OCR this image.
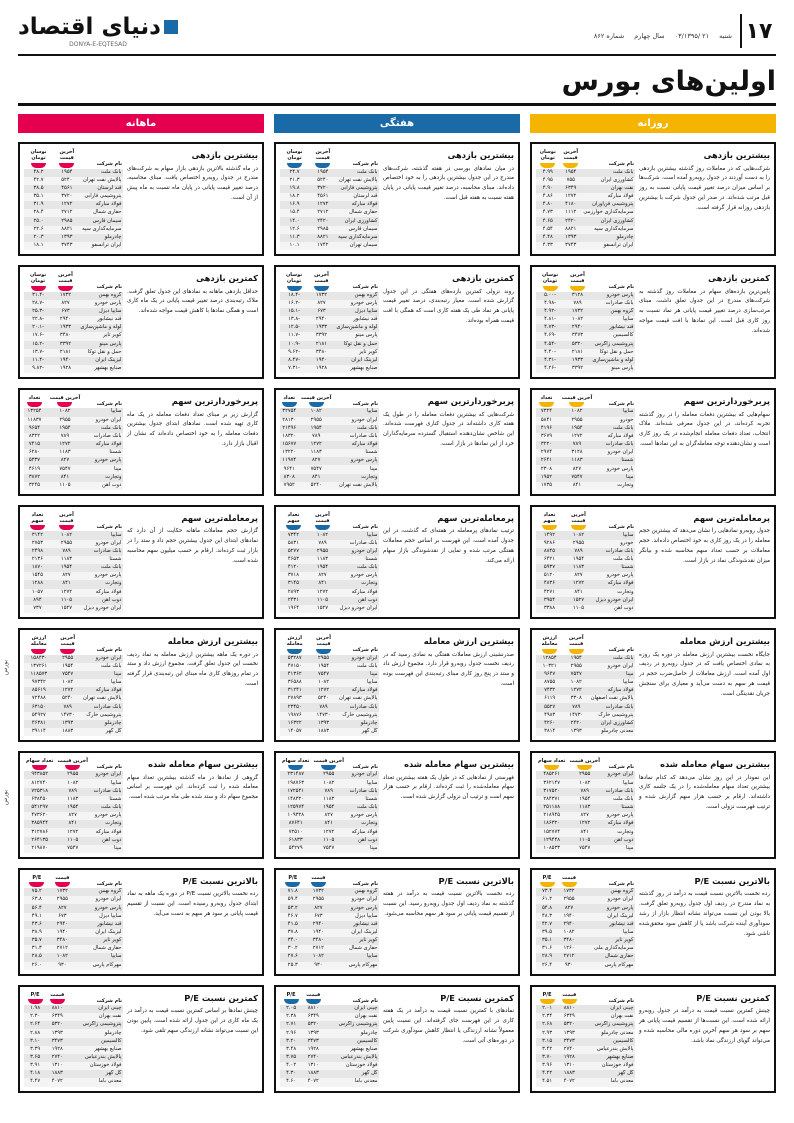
۱۷
شنبه ۲۱ /۰۳/۱۳۹۵ سال چهارم شماره ۸۶۲
دنیای اقتصاد
DONYA-E-EQTESAD
اولین‌های بورس
روزانه
بیشترین بازدهی
شرکت‌هایی که در معاملات روز گذشته بیشترین بازدهی را به دست آوردند در جدول روبه‌رو آمده است. شرکت‌ها بر اساس میزان درصد تغییر قیمت پایانی نسبت به روز قبل مرتب شده‌اند. در صدر این جدول شرکت با بیشترین بازدهی روزانه قرار گرفته است.
نام شرکت	آخرین قیمت	نوسان تومان

بانک ملت	۱۹۵۴	۴.۹۹
کشاورزی ایران	۷۵۵	۴.۹۵
نفت بهران	۶۳۴۹	۴.۹۰
فولاد مبارکه	۱۲۷۲	۴.۸۶
پتروشیمی فن‌آوران	۴۱۸۰	۴.۸۰
سرمایه‌گذاری خوارزمی	۱۱۱۲	۴.۷۳
کشاورزی ایران	۲۴۲۰	۴.۶۵
سرمایه‌گذاری سپه	۸۸۲۱	۴.۵۴
چادرملو	۱۳۹۳	۴.۴۸
ایران ترانسفو	۳۷۴۳	۴.۳۳
کمترین بازدهی
پایین‌ترین بازده‌های سهام در معاملات روز گذشته به شرکت‌های مندرج در این جدول تعلق داشت. مبنای مرتب‌سازی درصد تغییر قیمت پایانی هر نماد نسبت به روز کاری قبل است. این نمادها با افت قیمت مواجه شده‌اند.
نام شرکت	آخرین قیمت	نوسان تومان

پارس خودرو	۳۱۲۸	۵.۰۰-
بانک صادرات	۷۸۹	۴.۹۸-
گروه بهمن	۱۷۳۲	۴.۹۲-
سایپا	۱۰۸۲	۴.۸۱-
قند نیشابور	۲۹۴۰	۴.۷۳-
کالسیمین	۳۴۷۳	۴.۶۹-
پتروشیمی زاگرس	۵۳۲۰	۴.۵۴-
حمل و نقل توکا	۲۱۸۱	۴.۴۰-
لوله و ماشین‌سازی	۱۹۳۳	۴.۳۱-
پارس مینو	۳۳۹۲	۴.۲۶-
پربرخوردارترین سهم
سهام‌هایی که بیشترین دفعات معامله را در روز گذشته تجربه کرده‌اند، در این جدول معرفی شده‌اند. ملاک انتخاب، تعداد دفعات معامله انجام‌شده در یک روز کاری است و نشان‌دهنده توجه معامله‌گران به این نمادها است.
نام شرکت	آخرین قیمت	تعداد

سایپا	۱۰۸۲	۷۳۲۴
خودرو	۲۹۵۵	۵۸۴۱
بانک ملت	۱۹۵۴	۴۱۹۶
فولاد مبارکه	۱۲۷۲	۳۶۷۹
بانک صادرات	۷۸۹	۳۲۲۰
ایران خودرو	۳۱۲۸	۲۹۷۴
شستا	۱۱۸۳	۲۶۴۱
پارس خودرو	۸۲۷	۲۳۰۸
مپنا	۷۵۴۷	۱۹۵۲
وتجارت	۸۴۱	۱۷۳۵
پرمعامله‌ترین سهم
جدول روبه‌رو نمادهایی را نشان می‌دهد که بیشترین حجم معامله را در یک روز کاری به خود اختصاص داده‌اند. حجم معاملات بر حسب تعداد سهم محاسبه شده و بیانگر میزان نقدشوندگی نماد در بازار است.
نام شرکت	آخرین قیمت	تعداد سهم

سایپا	۱۰۸۲	۱۴۹۲
خودرو	۲۹۵۵	۹۲۸۶
بانک صادرات	۷۸۹	۸۸۴۵
بانک ملت	۱۹۵۴	۶۴۲۱
شستا	۱۱۸۳	۵۹۳۷
پارس خودرو	۸۲۷	۵۱۲۰
فولاد مبارکه	۱۲۷۲	۴۸۳۶
وتجارت	۸۴۱	۴۲۷۱
ایران خودرو دیزل	۱۵۲۷	۳۹۵۴
ذوب آهن	۱۱۰۵	۳۳۸۸
بیشترین ارزش معامله
جایگاه نخست بیشترین ارزش معامله در دوره یک روزه به نمادی اختصاص یافت که در جدول روبه‌رو در ردیف اول آمده است. ارزش معاملات از حاصل‌ضرب حجم در قیمت هر سهم به دست می‌آید و معیاری برای سنجش جریان نقدینگی است.
نام شرکت	آخرین قیمت	ارزش معامله

بانک ملت	۱۹۵۴	۱۲۸۵۴
ایران خودرو	۲۹۵۵	۱۰۳۲۱
مپنا	۷۵۴۷	۹۶۴۷
سایپا	۱۰۸۲	۸۷۵۵
فولاد مبارکه	۱۲۷۲	۷۴۳۲
پالایش نفت اصفهان	۳۳۰۸	۶۱۱۹
بانک صادرات	۷۸۹	۵۵۲۷
پتروشیمی خارک	۱۴۷۳۰	۴۹۸۳
کشاورزی ایران	۲۴۲۰	۴۲۶۰
معدنی چادرملو	۱۳۹۳	۳۸۱۴
بیشترین سهام معامله شده
این نمودار در این روز نشان می‌دهد که کدام نمادها بیشترین تعداد سهام معامله‌شده را در یک جلسه کاری داشته‌اند. ارقام بر حسب هزار سهم گزارش شده و ترتیب فهرست نزولی است.
نام شرکت	آخرین قیمت	تعداد سهام

ایران خودرو	۲۹۵۵	۴۸۵۲۶۱
سایپا	۱۰۸۲	۳۶۲۱۴۷
بانک صادرات	۷۸۹	۳۱۷۵۲۰
بانک ملت	۱۹۵۴	۲۸۴۳۷۱
شستا	۱۱۸۳	۲۵۱۱۸۸
پارس خودرو	۸۲۷	۲۱۸۹۴۵
فولاد مبارکه	۱۲۷۲	۱۸۶۳۲۰
وتجارت	۸۴۱	۱۵۲۷۷۴
ذوب آهن	۱۱۰۵	۱۲۹۴۴۸
مپنا	۷۵۴۷	۱۰۸۵۳۳
بالاترین نسبت P/E
رده نخست بالاترین نسبت قیمت به درآمد در روز گذشته به نماد مندرج در ردیف اول جدول روبه‌رو تعلق گرفت. بالا بودن این نسبت می‌تواند نشانه انتظار بازار از رشد سودآوری آینده شرکت باشد یا از کاهش سود محقق‌شده ناشی شود.
نام شرکت	قیمت	P/E

گروه بهمن	۱۷۳۲	۷۳.۴
ایران خودرو	۲۹۵۵	۶۱.۲
پارس خودرو	۸۲۷	۵۴.۸
لیزینگ ایران	۱۹۴۰	۴۸.۳
قند نیشابور	۲۹۴۰	۴۲.۷
سایپا	۱۰۸۲	۳۹.۵
کویر تایر	۳۴۸۰	۳۵.۱
سرمایه‌گذاری ملی	۱۲۶۰	۳۱.۶
حفاری شمال	۲۷۱۲	۲۸.۹
مهرکام پارس	۹۳۰	۲۶.۴
کمترین نسبت P/E
چینش کمترین نسبت قیمت به درآمد در جدول روبه‌رو ارائه شده است. این نسبت‌ها از تقسیم قیمت پایانی هر سهم بر سود هر سهم آخرین دوره مالی محاسبه شده و می‌تواند گویای ارزندگی نماد باشد.
نام شرکت	قیمت	P/E

چینی ایران	۸۸۱۰	۲.۰۱
نفت بهران	۶۳۴۹	۲.۳۴
پتروشیمی زاگرس	۵۳۲۰	۲.۶۸
معدنی چادرملو	۱۳۹۳	۲.۹۳
کالسیمین	۳۴۷۳	۳.۱۵
پالایش بندرعباس	۲۷۴۰	۳.۴۲
صنایع بهشهر	۱۹۲۸	۳.۷۰
فولاد خوزستان	۱۳۱۰	۳.۹۶
گل گهر	۱۸۸۳	۴.۲۲
معدنی باما	۴۰۷۲	۴.۵۱
هفتگی
بیشترین بازدهی
در میان نمادهای بورسی در هفته گذشته، شرکت‌های مندرج در این جدول بیشترین بازدهی را به خود اختصاص داده‌اند. مبنای محاسبه، درصد تغییر قیمت پایانی در پایان هفته نسبت به هفته قبل است.
نام شرکت	آخرین قیمت	نوسان تومان

بانک ملت	۱۹۵۴	۲۴.۷
پالایش نفت تهران	۵۲۴۰	۲۱.۳
پتروشیمی فارابی	۳۷۲۰	۱۹.۸
قند لرستان	۴۵۶۱	۱۸.۲
فولاد مبارکه	۱۲۷۲	۱۶.۹
حفاری شمال	۲۷۱۲	۱۵.۴
کشاورزی ایران	۲۴۲۰	۱۴.۰
سیمان فارس	۲۹۸۵	۱۲.۶
سرمایه‌گذاری سپه	۸۸۲۱	۱۱.۳
سیمان تهران	۱۷۴۲	۱۰.۱
کمترین بازدهی
روند نزولی کمترین بازده‌های هفتگی در این جدول گزارش شده است. معیار رتبه‌بندی، درصد تغییر قیمت پایانی هر نماد طی یک هفته کاری است که همگی با افت قیمت همراه بوده‌اند.
نام شرکت	آخرین قیمت	نوسان تومان

گروه بهمن	۱۷۳۲	۱۸.۴-
پارس خودرو	۸۲۷	۱۶.۲-
سایپا دیزل	۶۷۳	۱۵.۱-
قند نیشابور	۲۹۴۰	۱۳.۸-
لوله و ماشین‌سازی	۱۹۳۳	۱۲.۵-
پارس مینو	۳۳۹۲	۱۱.۷-
حمل و نقل توکا	۲۱۸۱	۱۰.۹-
کویر تایر	۳۴۸۰	۹.۶۲-
لیزینگ ایران	۱۹۴۰	۸.۴۷-
صنایع بهشهر	۱۹۲۸	۷.۳۱-
پربرخوردارترین سهم
شرکت‌هایی که بیشترین دفعات معامله را در طول یک هفته کاری داشته‌اند در جدول کناری فهرست شده‌اند. این شاخص نشان‌دهنده استقبال گسترده سرمایه‌گذاران خرد از این نمادها در بازار است.
نام شرکت	آخرین قیمت	تعداد

سایپا	۱۰۸۲	۳۲۷۵۴
ایران خودرو	۲۹۵۵	۲۸۱۳۰
بانک ملت	۱۹۵۴	۲۱۴۹۶
بانک صادرات	۷۸۹	۱۸۳۲۰
فولاد مبارکه	۱۲۷۲	۱۵۶۷۷
شستا	۱۱۸۳	۱۳۲۲۰
پارس خودرو	۸۲۷	۱۱۹۷۴
مپنا	۷۵۴۷	۹۶۴۱
وتجارت	۸۴۱	۸۳۰۸
پالایش نفت تهران	۵۲۴۰	۷۹۵۲
پرمعامله‌ترین سهم
ترتیب نمادهای پرمعامله در هفته‌ای که گذشت، در این جدول آمده است. این فهرست بر اساس حجم معاملات هفتگی مرتب شده و نمایی از نقدشوندگی بازار سهام ارائه می‌کند.
نام شرکت	آخرین قیمت	تعداد سهم

سایپا	۱۰۸۲	۷۳۴۲
بانک صادرات	۷۸۹	۵۸۳۱
ایران خودرو	۲۹۵۵	۵۲۷۷
شستا	۱۱۸۳	۴۶۵۳
بانک ملت	۱۹۵۴	۴۱۲۰
پارس خودرو	۸۲۷	۳۷۱۸
وتجارت	۸۴۱	۳۱۴۵
فولاد مبارکه	۱۲۷۲	۲۸۹۳
ذوب آهن	۱۱۰۵	۲۴۳۱
ایران خودرو دیزل	۱۵۲۷	۱۹۶۴
بیشترین ارزش معامله
صدرنشینی ارزش معاملات هفتگی به نمادی رسید که در ردیف نخست جدول روبه‌رو قرار دارد. مجموع ارزش داد و ستد در پنج روز کاری مبنای رتبه‌بندی این فهرست بوده است.
نام شرکت	آخرین قیمت	ارزش معامله

ایران خودرو	۲۹۵۵	۵۳۲۸۷
بانک ملت	۱۹۵۴	۴۷۱۵۰
مپنا	۷۵۴۷	۴۱۳۶۲
سایپا	۱۰۸۲	۳۶۵۸۸
فولاد مبارکه	۱۲۷۲	۳۱۲۴۱
پالایش نفت تهران	۵۲۴۰	۲۷۸۹۳
بانک صادرات	۷۸۹	۲۳۴۵۰
پتروشیمی خارک	۱۴۷۳۰	۱۹۸۷۶
چادرملو	۱۳۹۳	۱۶۳۲۲
گل گهر	۱۸۸۳	۱۴۰۵۷
بیشترین سهام معامله شده
فهرستی از نمادهایی که در طول یک هفته بیشترین تعداد سهام معامله‌شده را ثبت کرده‌اند. ارقام بر حسب هزار سهم است و ترتیب آن نزولی گزارش شده است.
نام شرکت	آخرین قیمت	تعداد سهام

ایران خودرو	۲۹۵۵	۲۳۱۴۸۷
سایپا	۱۰۸۲	۱۹۸۷۶۳
بانک صادرات	۷۸۹	۱۷۲۵۴۱
شستا	۱۱۸۳	۱۴۸۳۲۰
بانک ملت	۱۹۵۴	۱۲۵۹۷۴
پارس خودرو	۸۲۷	۱۰۹۳۲۸
وتجارت	۸۴۱	۸۷۶۴۱
فولاد مبارکه	۱۲۷۲	۷۲۵۱۰
ذوب آهن	۱۱۰۵	۶۱۸۳۳
مپنا	۷۵۴۷	۵۴۲۷۹
بالاترین نسبت P/E
رده نخست بالاترین نسبت قیمت به درآمد در هفته گذشته به نماد ردیف اول جدول روبه‌رو رسید. این نسبت از تقسیم قیمت پایانی بر سود هر سهم محاسبه می‌شود.
نام شرکت	قیمت	P/E

گروه بهمن	۱۷۳۲	۷۱.۸
ایران خودرو	۲۹۵۵	۵۹.۴
پارس خودرو	۸۲۷	۵۳.۲
سایپا دیزل	۶۷۳	۴۶.۷
قند نیشابور	۲۹۴۰	۴۱.۵
لیزینگ ایران	۱۹۴۰	۳۷.۸
کویر تایر	۳۴۸۰	۳۴.۰
حفاری شمال	۲۷۱۲	۳۰.۲
سایپا	۱۰۸۲	۲۷.۶
مهرکام پارس	۹۳۰	۲۵.۳
کمترین نسبت P/E
نماد‌های با کمترین نسبت قیمت به درآمد در یک هفته کاری در این فهرست جای گرفته‌اند. این نسبت پایین معمولاً نشانه ارزندگی یا انتظار کاهش سودآوری شرکت در دوره‌های آتی است.
نام شرکت	قیمت	P/E

چینی ایران	۸۸۱۰	۲.۰۵
نفت بهران	۶۳۴۹	۲.۳۸
پتروشیمی زاگرس	۵۳۲۰	۲.۷۱
چادرملو	۱۳۹۳	۲.۹۶
کالسیمین	۳۴۷۳	۳.۲۰
صنایع بهشهر	۱۹۲۸	۳.۴۸
پالایش بندرعباس	۲۷۴۰	۳.۷۵
فولاد خوزستان	۱۳۱۰	۴.۰۲
گل گهر	۱۸۸۳	۴.۳۰
معدنی باما	۴۰۷۲	۴.۶۰
ماهانه
بیشترین بازدهی
در ماه گذشته بالاترین بازدهی بازار سهام به شرکت‌های مندرج در جدول روبه‌رو اختصاص یافت. مبنای محاسبه، درصد تغییر قیمت پایانی در پایان ماه نسبت به ماه پیش از آن است.
نام شرکت	آخرین قیمت	نوسان تومان

بانک ملت	۱۹۵۴	۴۸.۲
پالایش نفت تهران	۵۲۴۰	۴۲.۷
قند لرستان	۴۵۶۱	۳۸.۵
پتروشیمی فارابی	۳۷۲۰	۳۵.۱
فولاد مبارکه	۱۲۷۲	۳۱.۹
حفاری شمال	۲۷۱۲	۲۸.۴
سیمان فارس	۲۹۸۵	۲۵.۰
سرمایه‌گذاری سپه	۸۸۲۱	۲۲.۶
چادرملو	۱۳۹۳	۲۰.۳
ایران ترانسفو	۳۷۴۳	۱۸.۱
کمترین بازدهی
حداقل بازدهی ماهانه به نمادهای این جدول تعلق گرفت. ملاک رتبه‌بندی درصد تغییر قیمت پایانی در یک ماه کاری است و همگی نمادها با کاهش قیمت مواجه شده‌اند.
نام شرکت	آخرین قیمت	نوسان تومان

گروه بهمن	۱۷۳۲	۳۱.۴-
پارس خودرو	۸۲۷	۲۸.۷-
سایپا دیزل	۶۷۳	۲۵.۳-
قند نیشابور	۲۹۴۰	۲۲.۸-
لوله و ماشین‌سازی	۱۹۳۳	۲۰.۱-
کویر تایر	۳۴۸۰	۱۷.۶-
پارس مینو	۳۳۹۲	۱۵.۲-
حمل و نقل توکا	۲۱۸۱	۱۳.۷-
لیزینگ ایران	۱۹۴۰	۱۱.۴-
صنایع بهشهر	۱۹۲۸	۹.۸۲-
پربرخوردارترین سهم
گزارش زیر بر مبنای تعداد دفعات معامله در یک ماه کاری تهیه شده است. نمادهای ابتدای جدول بیشترین دفعات معامله را به خود اختصاص داده‌اند که نشان از اقبال بازار دارد.
نام شرکت	آخرین قیمت	تعداد

سایپا	۱۰۸۲	۱۳۲۵۴
ایران خودرو	۲۹۵۵	۱۱۸۳۷
بانک ملت	۱۹۵۴	۹۶۵۴
بانک صادرات	۷۸۹	۸۳۲۲
فولاد مبارکه	۱۲۷۲	۷۴۱۵
شستا	۱۱۸۳	۶۲۸۰
پارس خودرو	۸۲۷	۵۳۳۷
مپنا	۷۵۴۷	۴۶۱۹
وتجارت	۸۴۱	۳۸۷۲
ذوب آهن	۱۱۰۵	۳۲۴۵
پرمعامله‌ترین سهم
گزارش حجم معاملات ماهانه حکایت از آن دارد که نمادهای ابتدای این جدول بیشترین حجم داد و ستد را در بازار ثبت کرده‌اند. ارقام بر حسب میلیون سهم محاسبه شده است.
نام شرکت	آخرین قیمت	تعداد سهم

سایپا	۱۰۸۲	۳۱۴۲
ایران خودرو	۲۹۵۵	۲۷۵۳
بانک صادرات	۷۸۹	۲۴۹۸
شستا	۱۱۸۳	۲۱۳۶
بانک ملت	۱۹۵۴	۱۸۷۰
پارس خودرو	۸۲۷	۱۵۴۵
وتجارت	۸۴۱	۱۲۸۸
فولاد مبارکه	۱۲۷۲	۱۰۵۷
ذوب آهن	۱۱۰۵	۸۹۴
ایران خودرو دیزل	۱۵۲۷	۷۳۷
بیشترین ارزش معامله
در دوره یک ماهه بیشترین ارزش معامله به نماد ردیف نخست این جدول تعلق گرفت. مجموع ارزش داد و ستد در تمام روزهای کاری ماه مبنای این رتبه‌بندی قرار گرفته است.
نام شرکت	آخرین قیمت	ارزش معامله

ایران خودرو	۲۹۵۵	۱۵۸۴۳۰
بانک ملت	۱۹۵۴	۱۳۷۲۶۱
مپنا	۷۵۴۷	۱۱۸۵۷۳
سایپا	۱۰۸۲	۹۷۳۴۲
فولاد مبارکه	۱۲۷۲	۸۵۶۱۹
پالایش نفت تهران	۵۲۴۰	۷۲۴۸۸
بانک صادرات	۷۸۹	۶۳۱۵۰
پتروشیمی خارک	۱۴۷۳۰	۵۴۹۲۷
چادرملو	۱۳۹۳	۴۶۳۸۱
گل گهر	۱۸۸۳	۳۹۱۱۴
بیشترین سهام معامله شده
گروهی از نمادها در ماه گذشته بیشترین تعداد سهام معامله شده را ثبت کرده‌اند. این فهرست بر اساس مجموع سهام داد و ستد شده طی ماه مرتب شده است.
نام شرکت	آخرین قیمت	تعداد سهام

ایران خودرو	۲۹۵۵	۹۴۳۸۵۲
سایپا	۱۰۸۲	۸۱۲۷۴۰
بانک صادرات	۷۸۹	۷۲۵۳۱۸
شستا	۱۱۸۳	۶۳۸۴۵۰
بانک ملت	۱۹۵۴	۵۴۱۲۹۷
پارس خودرو	۸۲۷	۴۷۳۶۲۰
وتجارت	۸۴۱	۳۸۵۹۴۴
فولاد مبارکه	۱۲۷۲	۳۱۲۷۸۶
ذوب آهن	۱۱۰۵	۲۶۴۱۳۵
مپنا	۷۵۴۷	۲۱۹۸۷۰
بالاترین نسبت P/E
رده نخست بالاترین نسبت P/E در دوره یک ماهه به نماد ابتدای جدول روبه‌رو رسیده است. این نسبت از تقسیم قیمت پایانی بر سود هر سهم به دست می‌آید.
نام شرکت	قیمت	P/E

گروه بهمن	۱۷۳۲	۷۵.۲
ایران خودرو	۲۹۵۵	۶۳.۸
پارس خودرو	۸۲۷	۵۶.۴
سایپا دیزل	۶۷۳	۴۹.۱
قند نیشابور	۲۹۴۰	۴۳.۶
لیزینگ ایران	۱۹۴۰	۳۸.۹
کویر تایر	۳۴۸۰	۳۵.۷
حفاری شمال	۲۷۱۲	۳۱.۳
سایپا	۱۰۸۲	۲۸.۵
مهرکام پارس	۹۳۰	۲۶.۰
کمترین نسبت P/E
چینش نمادها بر اساس کمترین نسبت قیمت به درآمد در یک ماه کاری در این جدول ارائه شده است. پایین بودن این نسبت می‌تواند نشانه ارزندگی سهم تلقی شود.
نام شرکت	قیمت	P/E

چینی ایران	۸۸۱۰	۱.۹۸
نفت بهران	۶۳۴۹	۲.۳۰
پتروشیمی زاگرس	۵۳۲۰	۲.۶۴
چادرملو	۱۳۹۳	۲.۸۸
کالسیمین	۳۴۷۳	۳.۱۰
صنایع بهشهر	۱۹۲۸	۳.۳۹
پالایش بندرعباس	۲۷۴۰	۳.۶۵
فولاد خوزستان	۱۳۱۰	۳.۹۱
گل گهر	۱۸۸۳	۴.۱۸
معدنی باما	۴۰۷۲	۴.۴۷
بورس
بورس
